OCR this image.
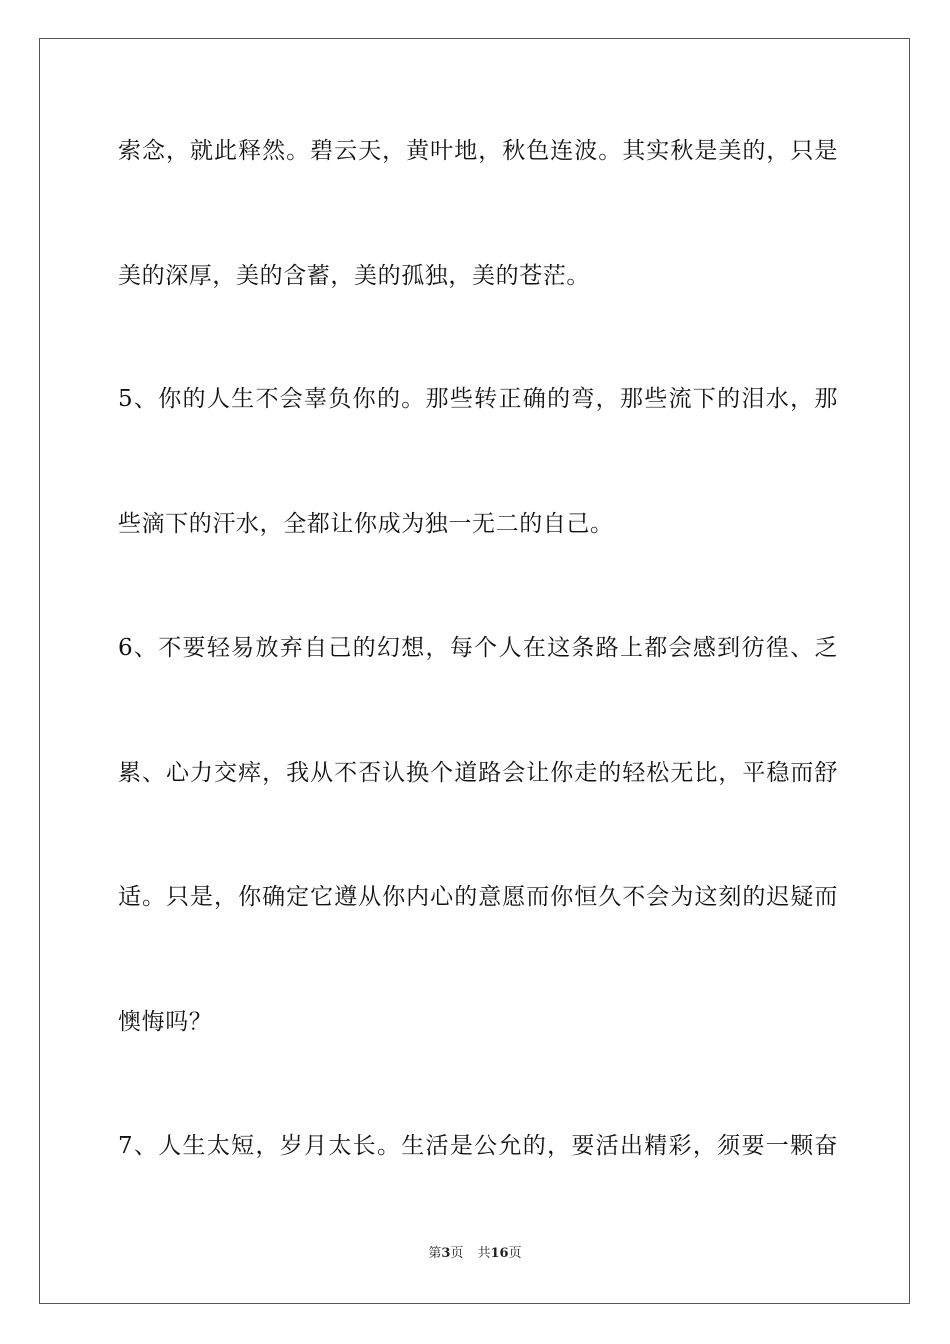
索念，就此释然。碧云天，黄叶地，秋色连波。其实秋是美的，只是
美的深厚，美的含蓄，美的孤独，美的苍茫。
5、你的人生不会辜负你的。那些转正确的弯，那些流下的泪水，那
些滴下的汗水，全都让你成为独一无二的自己。
6、不要轻易放弃自己的幻想，每个人在这条路上都会感到彷徨、乏
累、心力交瘁，我从不否认换个道路会让你走的轻松无比，平稳而舒
适。只是，你确定它遵从你内心的意愿而你恒久不会为这刻的迟疑而
懊悔吗？
7、人生太短，岁月太长。生活是公允的，要活出精彩，须要一颗奋
第3页 共16页
